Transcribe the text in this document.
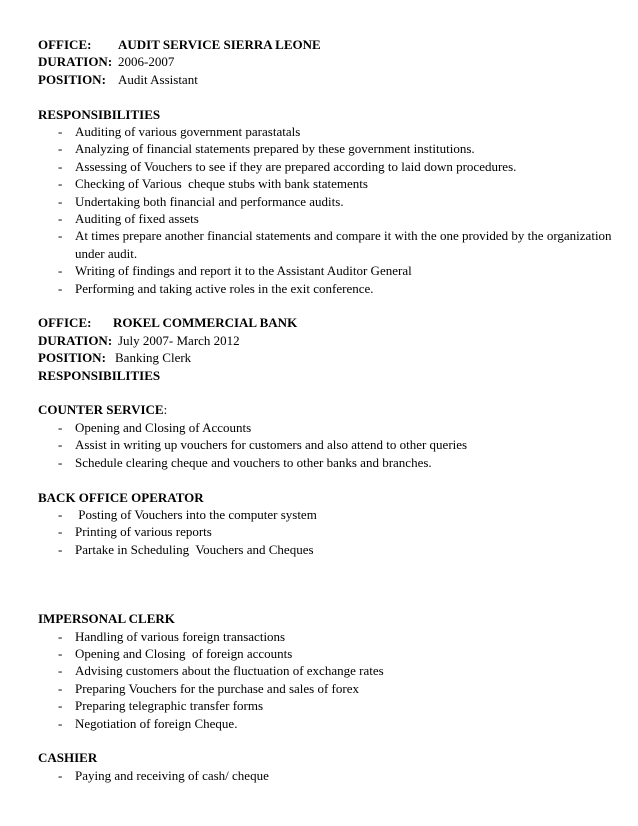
OFFICE:	AUDIT SERVICE SIERRA LEONE
DURATION: 2006-2007
POSITION: Audit Assistant
RESPONSIBILITIES
- Auditing of various government parastatals
- Analyzing of financial statements prepared by these government institutions.
- Assessing of Vouchers to see if they are prepared according to laid down procedures.
- Checking of Various  cheque stubs with bank statements
- Undertaking both financial and performance audits.
- Auditing of fixed assets
- At times prepare another financial statements and compare it with the one provided by the organization under audit.
- Writing of findings and report it to the Assistant Auditor General
- Performing and taking active roles in the exit conference.
OFFICE:	ROKEL COMMERCIAL BANK
DURATION: July 2007- March 2012
POSITION: Banking Clerk
RESPONSIBILITIES
COUNTER SERVICE:
- Opening and Closing of Accounts
- Assist in writing up vouchers for customers and also attend to other queries
- Schedule clearing cheque and vouchers to other banks and branches.
BACK OFFICE OPERATOR
- Posting of Vouchers into the computer system
- Printing of various reports
- Partake in Scheduling  Vouchers and Cheques
IMPERSONAL CLERK
- Handling of various foreign transactions
- Opening and Closing  of foreign accounts
- Advising customers about the fluctuation of exchange rates
- Preparing Vouchers for the purchase and sales of forex
- Preparing telegraphic transfer forms
- Negotiation of foreign Cheque.
CASHIER
- Paying and receiving of cash/ cheque
